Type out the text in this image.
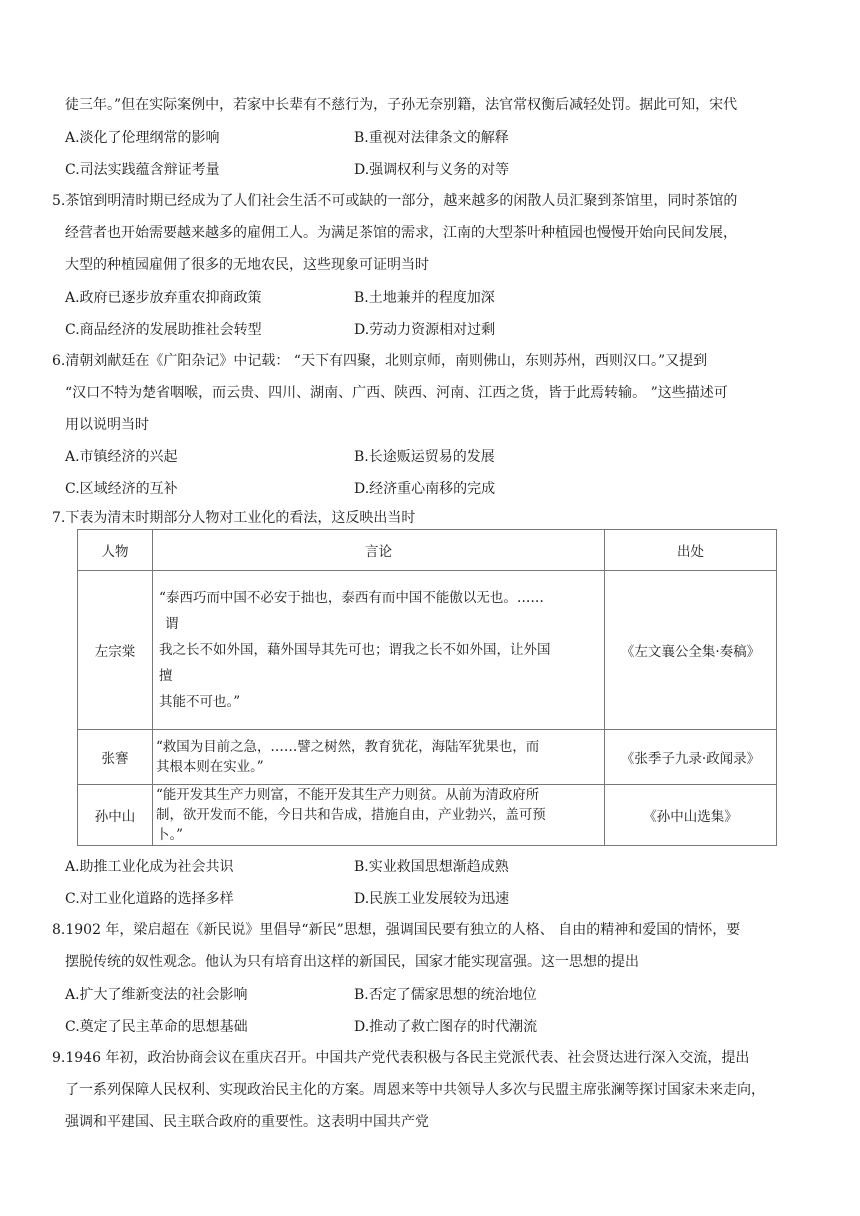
徒三年。”但在实际案例中，若家中长辈有不慈行为，子孙无奈别籍，法官常权衡后减轻处罚。据此可知，宋代
A.淡化了伦理纲常的影响	B.重视对法律条文的解释
C.司法实践蕴含辩证考量	D.强调权利与义务的对等
5.茶馆到明清时期已经成为了人们社会生活不可或缺的一部分，越来越多的闲散人员汇聚到茶馆里，同时茶馆的
经营者也开始需要越来越多的雇佣工人。为满足茶馆的需求，江南的大型茶叶种植园也慢慢开始向民间发展，
大型的种植园雇佣了很多的无地农民，这些现象可证明当时
A.政府已逐步放弃重农抑商政策	B.土地兼并的程度加深
C.商品经济的发展助推社会转型	D.劳动力资源相对过剩
6.清朝刘献廷在《广阳杂记》中记载： “天下有四聚，北则京师，南则佛山，东则苏州，西则汉口。”又提到
“汉口不特为楚省咽喉，而云贵、四川、湖南、广西、陕西、河南、江西之货，皆于此焉转输。 ”这些描述可
用以说明当时
A.市镇经济的兴起	B.长途贩运贸易的发展
C.区域经济的互补	D.经济重心南移的完成
7.下表为清末时期部分人物对工业化的看法，这反映出当时
人物	言论	出处
左宗棠	“泰西巧而中国不必安于拙也，泰西有而中国不能傲以无也。……
谓
我之长不如外国，藉外国导其先可也；谓我之长不如外国，让外国
擅
其能不可也。”	《左文襄公全集·奏稿》
张謇	“救国为目前之急，……譬之树然，教育犹花，海陆军犹果也，而
其根本则在实业。”	《张季子九录·政闻录》
孙中山	“能开发其生产力则富，不能开发其生产力则贫。从前为清政府所
制，欲开发而不能，今日共和告成，措施自由，产业勃兴，盖可预
卜。”	《孙中山选集》
A.助推工业化成为社会共识	B.实业救国思想渐趋成熟
C.对工业化道路的选择多样	D.民族工业发展较为迅速
8.1902 年，梁启超在《新民说》里倡导“新民”思想，强调国民要有独立的人格、 自由的精神和爱国的情怀，要
摆脱传统的奴性观念。他认为只有培育出这样的新国民，国家才能实现富强。这一思想的提出
A.扩大了维新变法的社会影响	B.否定了儒家思想的统治地位
C.奠定了民主革命的思想基础	D.推动了救亡图存的时代潮流
9.1946 年初，政治协商会议在重庆召开。中国共产党代表积极与各民主党派代表、社会贤达进行深入交流，提出
了一系列保障人民权利、实现政治民主化的方案。周恩来等中共领导人多次与民盟主席张澜等探讨国家未来走向，
强调和平建国、民主联合政府的重要性。这表明中国共产党
